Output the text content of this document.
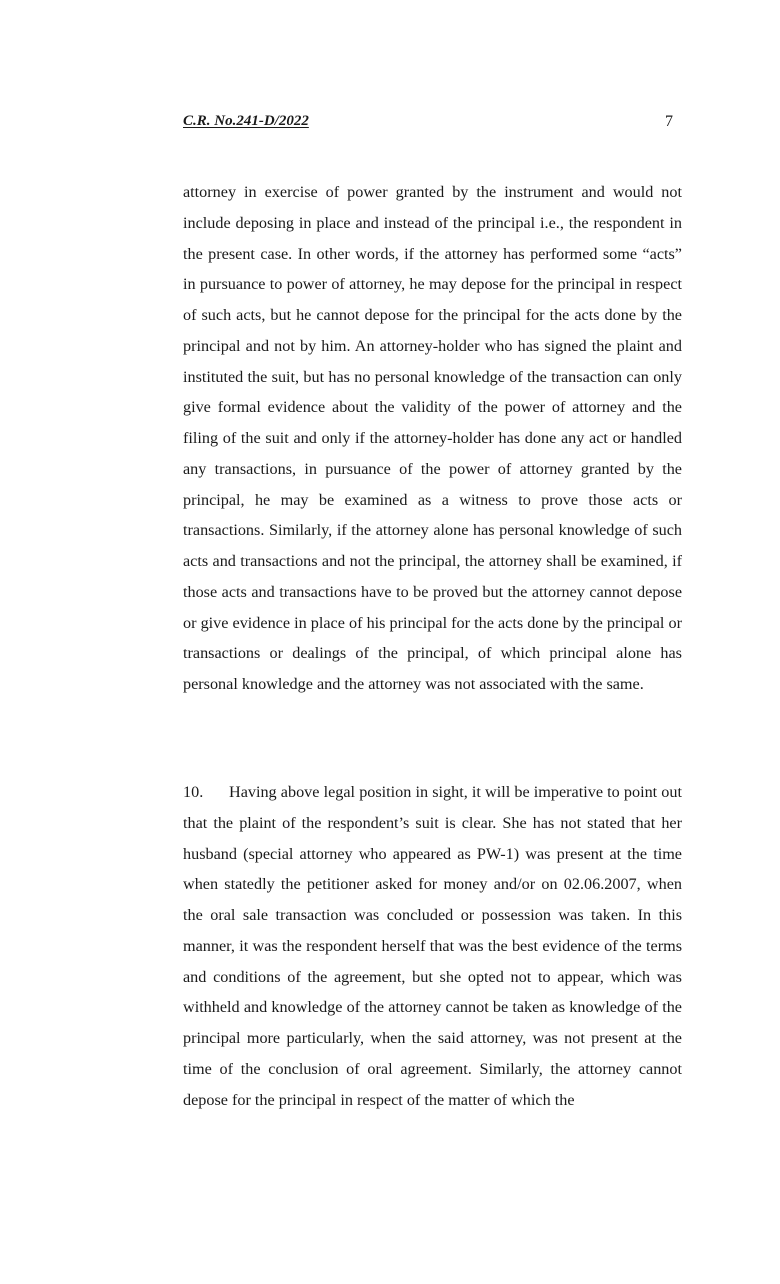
C.R. No.241-D/2022	7

attorney in exercise of power granted by the instrument and would not include deposing in place and instead of the principal i.e., the respondent in the present case. In other words, if the attorney has performed some “acts” in pursuance to power of attorney, he may depose for the principal in respect of such acts, but he cannot depose for the principal for the acts done by the principal and not by him. An attorney-holder who has signed the plaint and instituted the suit, but has no personal knowledge of the transaction can only give formal evidence about the validity of the power of attorney and the filing of the suit and only if the attorney-holder has done any act or handled any transactions, in pursuance of the power of attorney granted by the principal, he may be examined as a witness to prove those acts or transactions. Similarly, if the attorney alone has personal knowledge of such acts and transactions and not the principal, the attorney shall be examined, if those acts and transactions have to be proved but the attorney cannot depose or give evidence in place of his principal for the acts done by the principal or transactions or dealings of the principal, of which principal alone has personal knowledge and the attorney was not associated with the same.

10. Having above legal position in sight, it will be imperative to point out that the plaint of the respondent’s suit is clear. She has not stated that her husband (special attorney who appeared as PW-1) was present at the time when statedly the petitioner asked for money and/or on 02.06.2007, when the oral sale transaction was concluded or possession was taken. In this manner, it was the respondent herself that was the best evidence of the terms and conditions of the agreement, but she opted not to appear, which was withheld and knowledge of the attorney cannot be taken as knowledge of the principal more particularly, when the said attorney, was not present at the time of the conclusion of oral agreement. Similarly, the attorney cannot depose for the principal in respect of the matter of which the
